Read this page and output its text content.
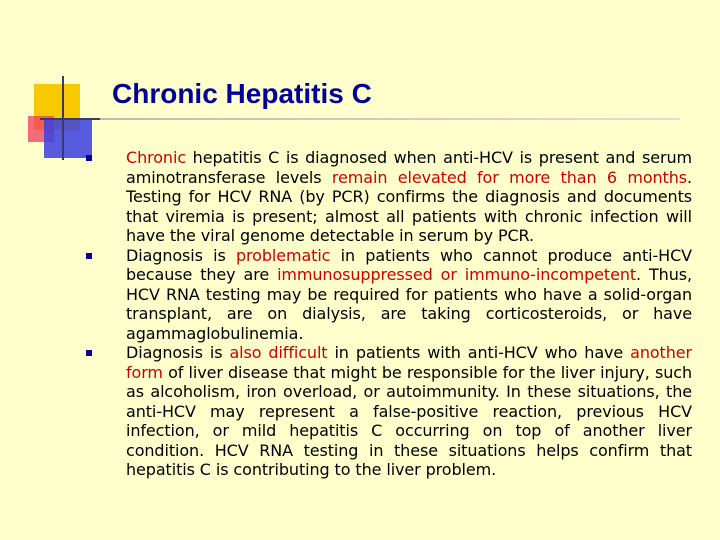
Chronic Hepatitis C
Chronic hepatitis C is diagnosed when anti-HCV is present and serum aminotransferase levels remain elevated for more than 6 months. Testing for HCV RNA (by PCR) confirms the diagnosis and documents that viremia is present; almost all patients with chronic infection will have the viral genome detectable in serum by PCR.
Diagnosis is problematic in patients who cannot produce anti-HCV because they are immunosuppressed or immuno-incompetent. Thus, HCV RNA testing may be required for patients who have a solid-organ transplant, are on dialysis, are taking corticosteroids, or have agammaglobulinemia.
Diagnosis is also difficult in patients with anti-HCV who have another form of liver disease that might be responsible for the liver injury, such as alcoholism, iron overload, or autoimmunity. In these situations, the anti-HCV may represent a false-positive reaction, previous HCV infection, or mild hepatitis C occurring on top of another liver condition. HCV RNA testing in these situations helps confirm that hepatitis C is contributing to the liver problem.
